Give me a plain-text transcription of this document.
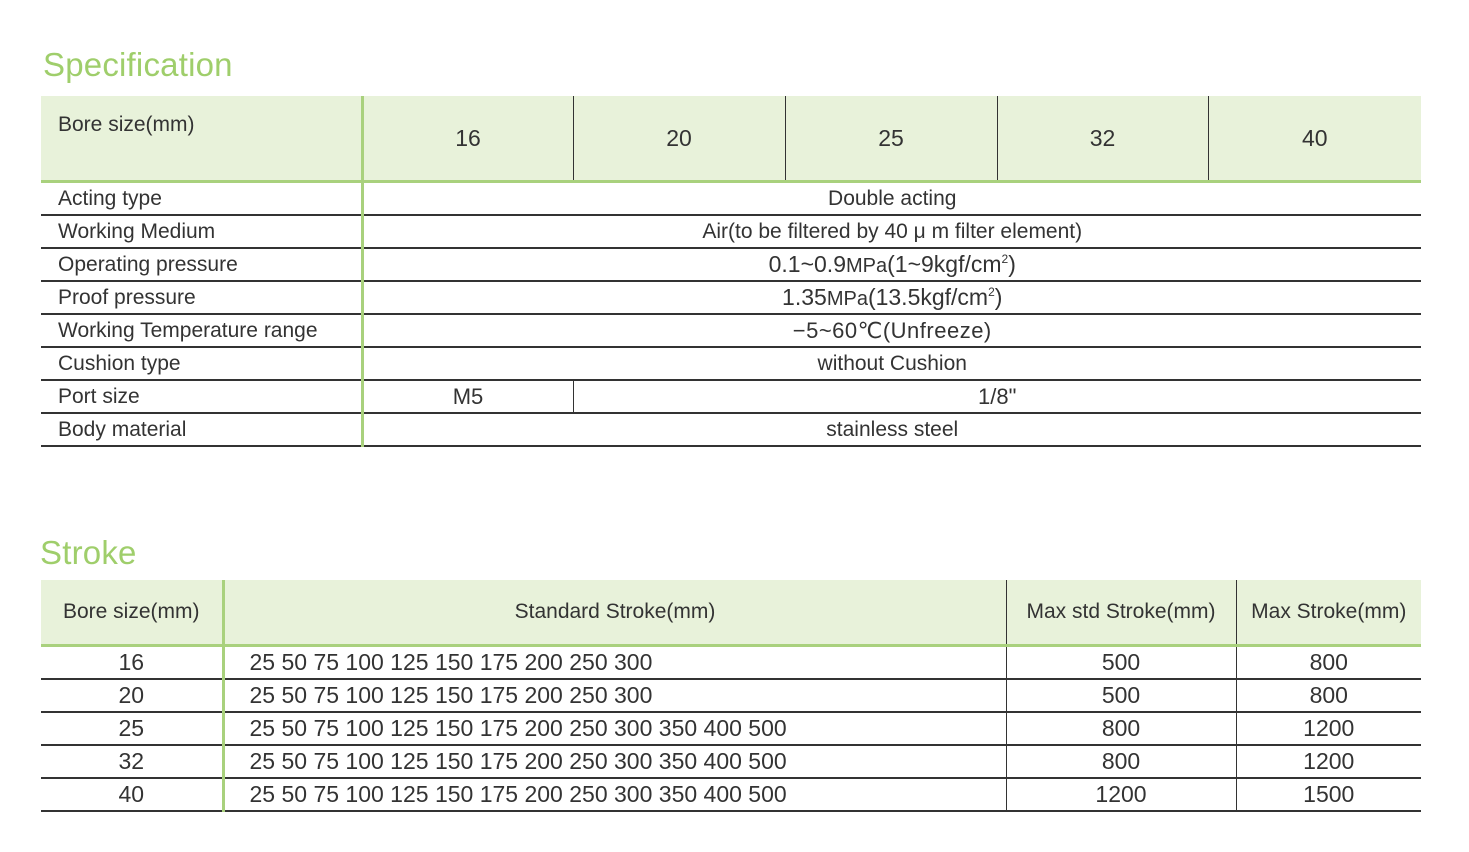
Specification
Bore size(mm)	16	20	25	32	40
Acting type	Double acting				
Working Medium	Air(to be filtered by 40 μ m filter element)				
Operating pressure	$0.1\sim 0.9MPa(1\sim 9kgf/cm^2)$				
Proof pressure	$1.35MPa(13.5kgf/cm^2)$				
Working Temperature range	−5~60℃(Unfreeze)				
Cushion type	without Cushion				
Port size	M5	1/8"			
Body material	stainless steel				
Stroke
Bore size(mm)	Standard Stroke(mm)	Max std Stroke(mm)	Max Stroke(mm)
16	25 50 75 100 125 150 175 200 250 300	500	800
20	25 50 75 100 125 150 175 200 250 300	500	800
25	25 50 75 100 125 150 175 200 250 300 350 400 500	800	1200
32	25 50 75 100 125 150 175 200 250 300 350 400 500	800	1200
40	25 50 75 100 125 150 175 200 250 300 350 400 500	1200	1500
